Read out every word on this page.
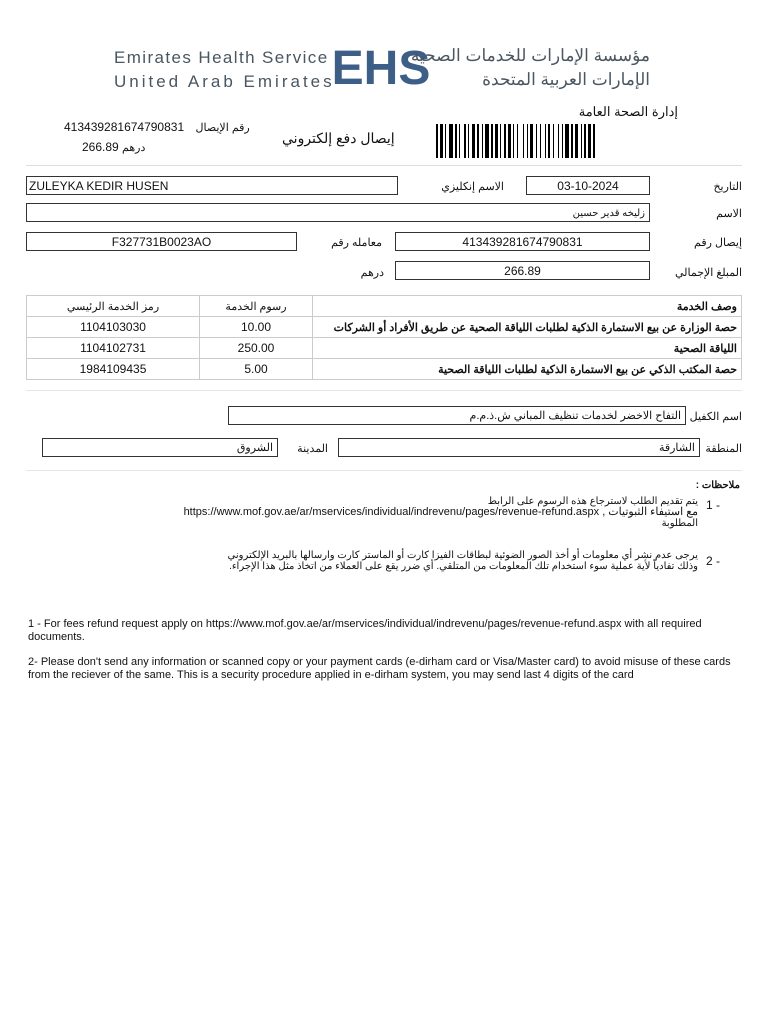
Emirates Health Service
United Arab Emirates
EHS
مؤسسة الإمارات للخدمات الصحية
الإمارات العربية المتحدة
413439281674790831 رقم الإيصال
266.89 درهم
إيصال دفع إلكتروني
إدارة الصحة العامة
ZULEYKA KEDIR HUSEN	الاسم إنكليزي	03-10-2024	التاريخ
زليخه قدير حسين	الاسم
F327731B0023AO	معامله رقم	413439281674790831	إيصال رقم
درهم	266.89	المبلغ الإجمالي
رمز الخدمة الرئيسي	رسوم الخدمة	وصف الخدمة
1104103030	10.00	حصة الوزارة عن بيع الاستمارة الذكية لطلبات اللياقة الصحية عن طريق الأفراد أو الشركات
1104102731	250.00	اللياقة الصحية
1984109435	5.00	حصة المكتب الذكي عن بيع الاستمارة الذكية لطلبات اللياقة الصحية
التفاح الاخضر لخدمات تنظيف المباني ش.ذ.م.م اسم الكفيل
الشروق	المدينة	الشارقة المنطقة
ملاحظات :
1 -
يتم تقديم الطلب لاسترجاع هذه الرسوم على الرابط
مع استيفاء الثبوتيات , https://www.mof.gov.ae/ar/mservices/individual/indrevenu/pages/revenue-refund.aspx
المطلوبة
2 -
يرجى عدم نشر أي معلومات أو أخذ الصور الضوئية لبطاقات الفيزا كارت أو الماستر كارت وارسالها بالبريد الإلكتروني
وذلك تفادياً لأية عملية سوء استخدام تلك المعلومات من المتلقي. أي ضرر يقع على العملاء من اتخاذ مثل هذا الإجراء.
1 - For fees refund request apply on https://www.mof.gov.ae/ar/mservices/individual/indrevenu/pages/revenue-refund.aspx with all required documents.
2- Please don't send any information or scanned copy or your payment cards (e-dirham card or Visa/Master card) to avoid misuse of these cards from the reciever of the same. This is a security procedure applied in e-dirham system, you may send last 4 digits of the card
